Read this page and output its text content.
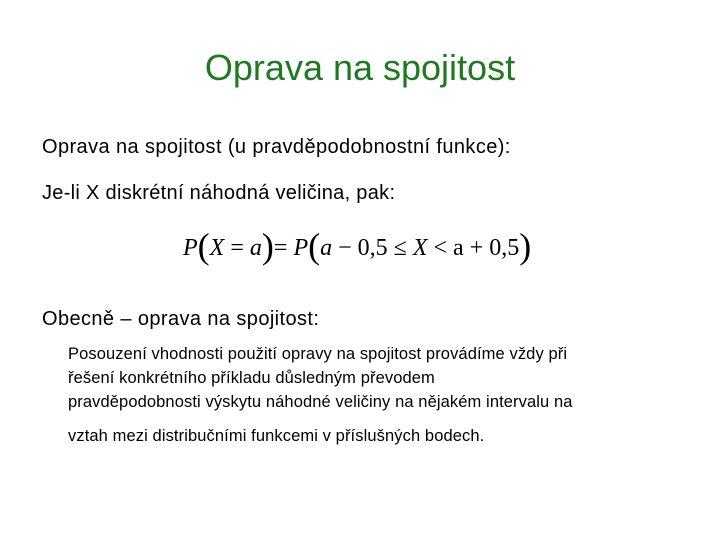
Oprava na spojitost
Oprava na spojitost (u pravděpodobnostní funkce):
Je-li X diskrétní náhodná veličina, pak:
P(X = a)= P(a − 0,5 ≤ X < a + 0,5)
Obecně – oprava na spojitost:
Posouzení vhodnosti použití opravy na spojitost provádíme vždy při
řešení konkrétního příkladu důsledným převodem
pravděpodobnosti výskytu náhodné veličiny na nějakém intervalu na
vztah mezi distribučními funkcemi v příslušných bodech.
